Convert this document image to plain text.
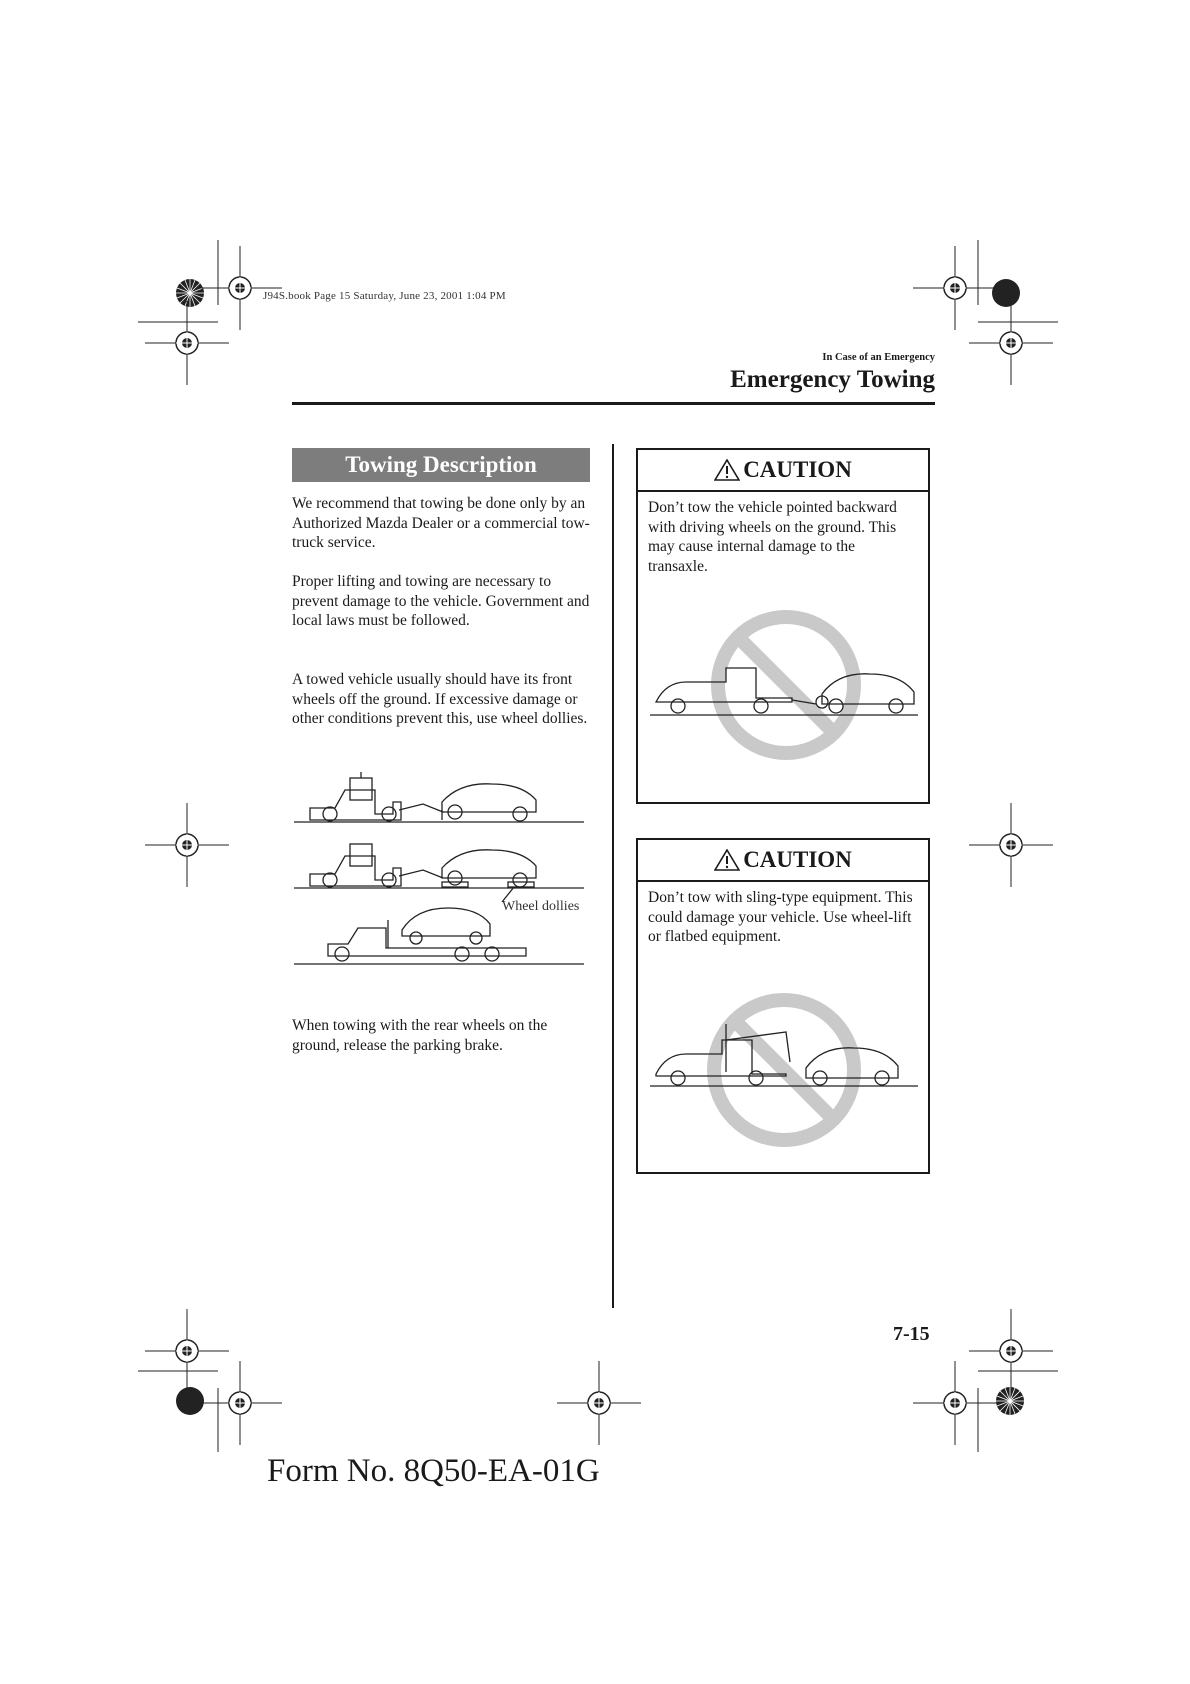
J94S.book Page 15 Saturday, June 23, 2001 1:04 PM
In Case of an Emergency
Emergency Towing
Towing Description
We recommend that towing be done only by an Authorized Mazda Dealer or a commercial tow-truck service.
Proper lifting and towing are necessary to prevent damage to the vehicle. Government and local laws must be followed.
A towed vehicle usually should have its front wheels off the ground. If excessive damage or other conditions prevent this, use wheel dollies.
Wheel dollies
When towing with the rear wheels on the ground, release the parking brake.
CAUTION
Don’t tow the vehicle pointed backward with driving wheels on the ground. This may cause internal damage to the transaxle.
CAUTION
Don’t tow with sling-type equipment. This could damage your vehicle. Use wheel-lift or flatbed equipment.
7-15
Form No. 8Q50-EA-01G
